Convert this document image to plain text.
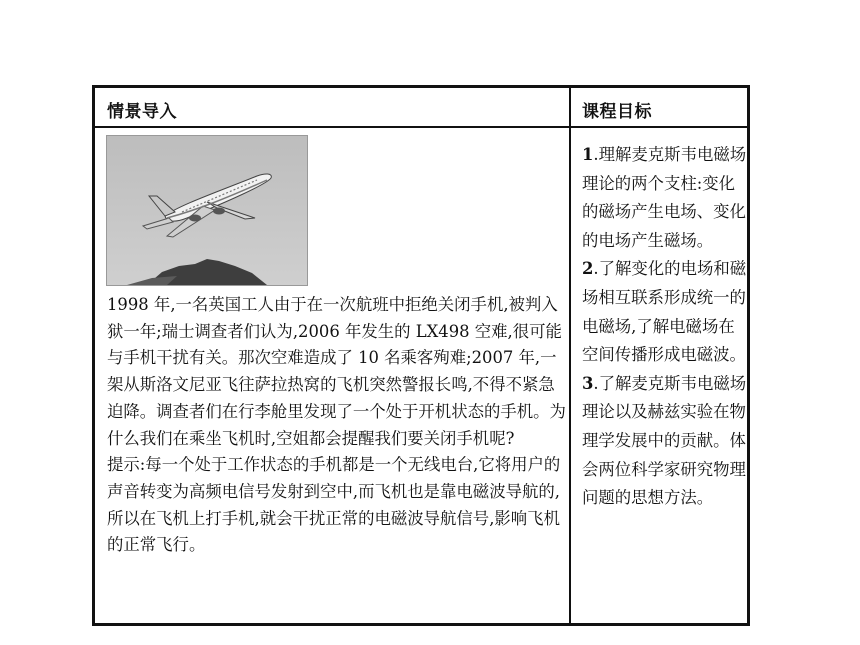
情景导入	课程目标

1998 年,一名英国工人由于在一次航班中拒绝关闭手机,被判入狱一年;瑞士调查者们认为,2006 年发生的 LX498 空难,很可能与手机干扰有关。那次空难造成了 10 名乘客殉难;2007 年,一架从斯洛文尼亚飞往萨拉热窝的飞机突然警报长鸣,不得不紧急迫降。调查者们在行李舱里发现了一个处于开机状态的手机。为什么我们在乘坐飞机时,空姐都会提醒我们要关闭手机呢?

提示:每一个处于工作状态的手机都是一个无线电台,它将用户的声音转变为高频电信号发射到空中,而飞机也是靠电磁波导航的,所以在飞机上打手机,就会干扰正常的电磁波导航信号,影响飞机的正常飞行。

1.理解麦克斯韦电磁场理论的两个支柱:变化的磁场产生电场、变化的电场产生磁场。

2.了解变化的电场和磁场相互联系形成统一的电磁场,了解电磁场在空间传播形成电磁波。

3.了解麦克斯韦电磁场理论以及赫兹实验在物理学发展中的贡献。体会两位科学家研究物理问题的思想方法。
